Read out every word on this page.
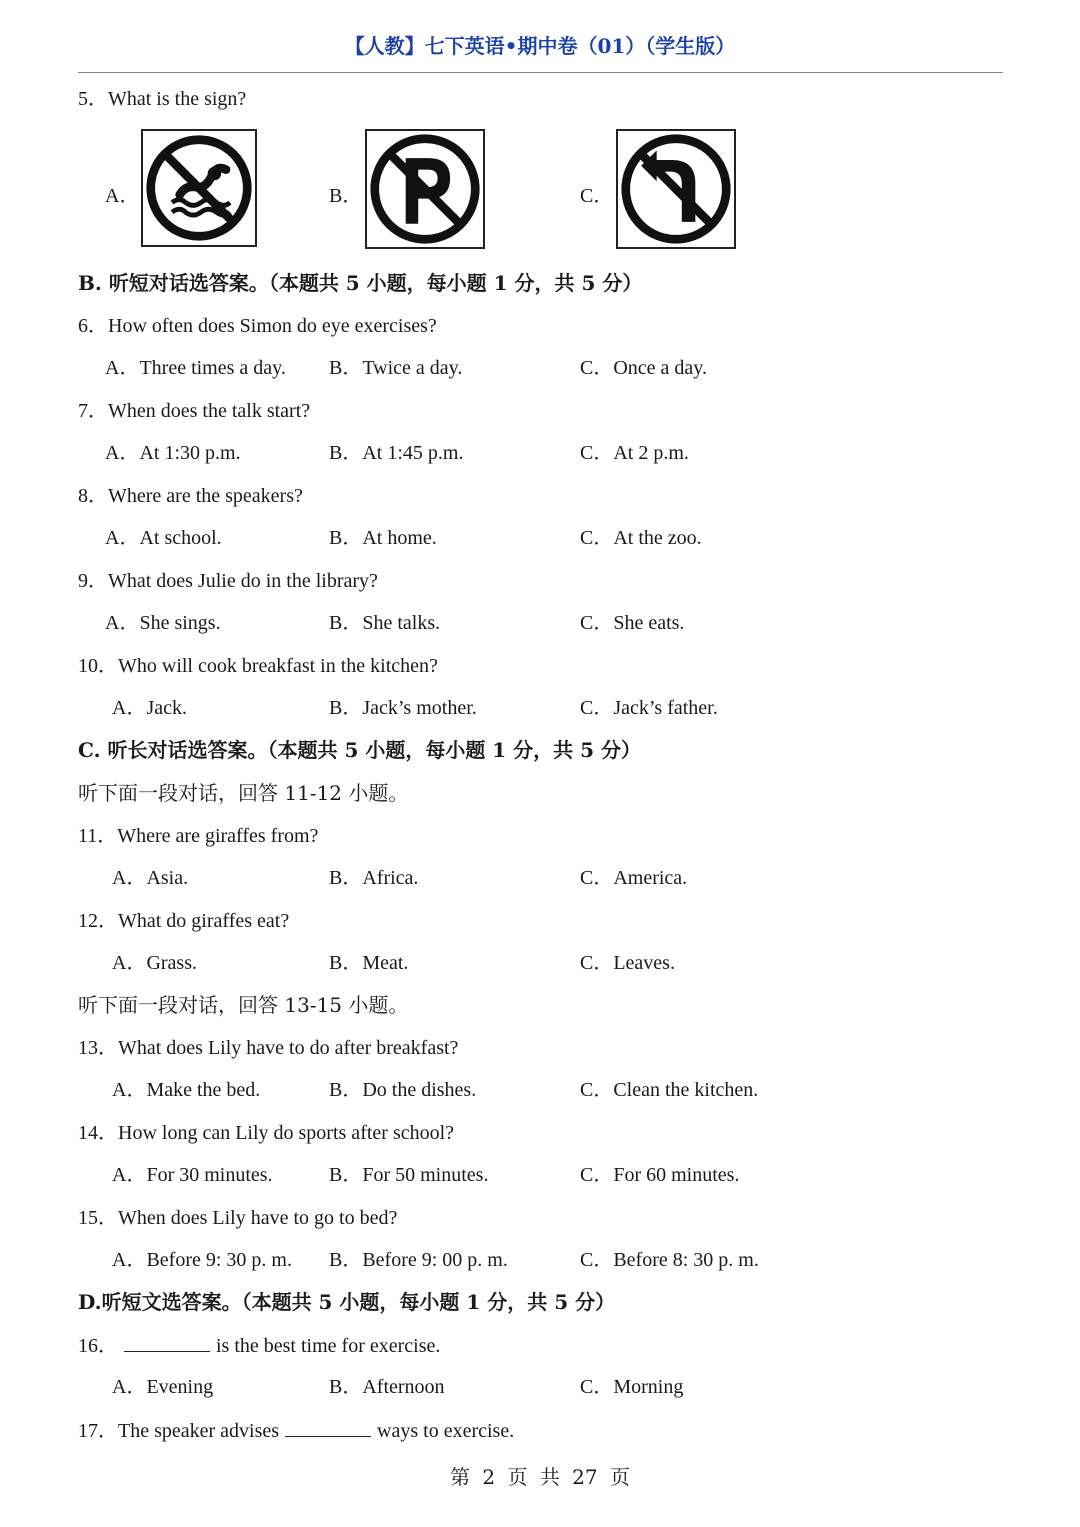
【人教】七下英语•期中卷（01）（学生版）
5．What is the sign?
A．	B．	C．
B. 听短对话选答案。（本题共 5 小题，每小题 1 分，共 5 分）
6．How often does Simon do eye exercises?
A．Three times a day. B．Twice a day.	C．Once a day.
7．When does the talk start?
A．At 1:30 p.m.	B．At 1:45 p.m.	C．At 2 p.m.
8．Where are the speakers?
A．At school.	B．At home.	C．At the zoo.
9．What does Julie do in the library?
A．She sings.	B．She talks.	C．She eats.
10．Who will cook breakfast in the kitchen?
A．Jack.	B．Jack’s mother.	C．Jack’s father.
C. 听长对话选答案。（本题共 5 小题，每小题 1 分，共 5 分）
听下面一段对话，回答 11-12 小题。
11．Where are giraffes from?
A．Asia.	B．Africa.	C．America.
12．What do giraffes eat?
A．Grass.	B．Meat.	C．Leaves.
听下面一段对话，回答 13-15 小题。
13．What does Lily have to do after breakfast?
A．Make the bed.	B．Do the dishes.	C．Clean the kitchen.
14．How long can Lily do sports after school?
A．For 30 minutes.	B．For 50 minutes.	C．For 60 minutes.
15．When does Lily have to go to bed?
A．Before 9: 30 p. m. B．Before 9: 00 p. m.	C．Before 8: 30 p. m.
D.听短文选答案。（本题共 5 小题，每小题 1 分，共 5 分）
16．	is the best time for exercise.
A．Evening	B．Afternoon	C．Morning
17．The speaker advises	ways to exercise.
第 2 页 共 27 页
